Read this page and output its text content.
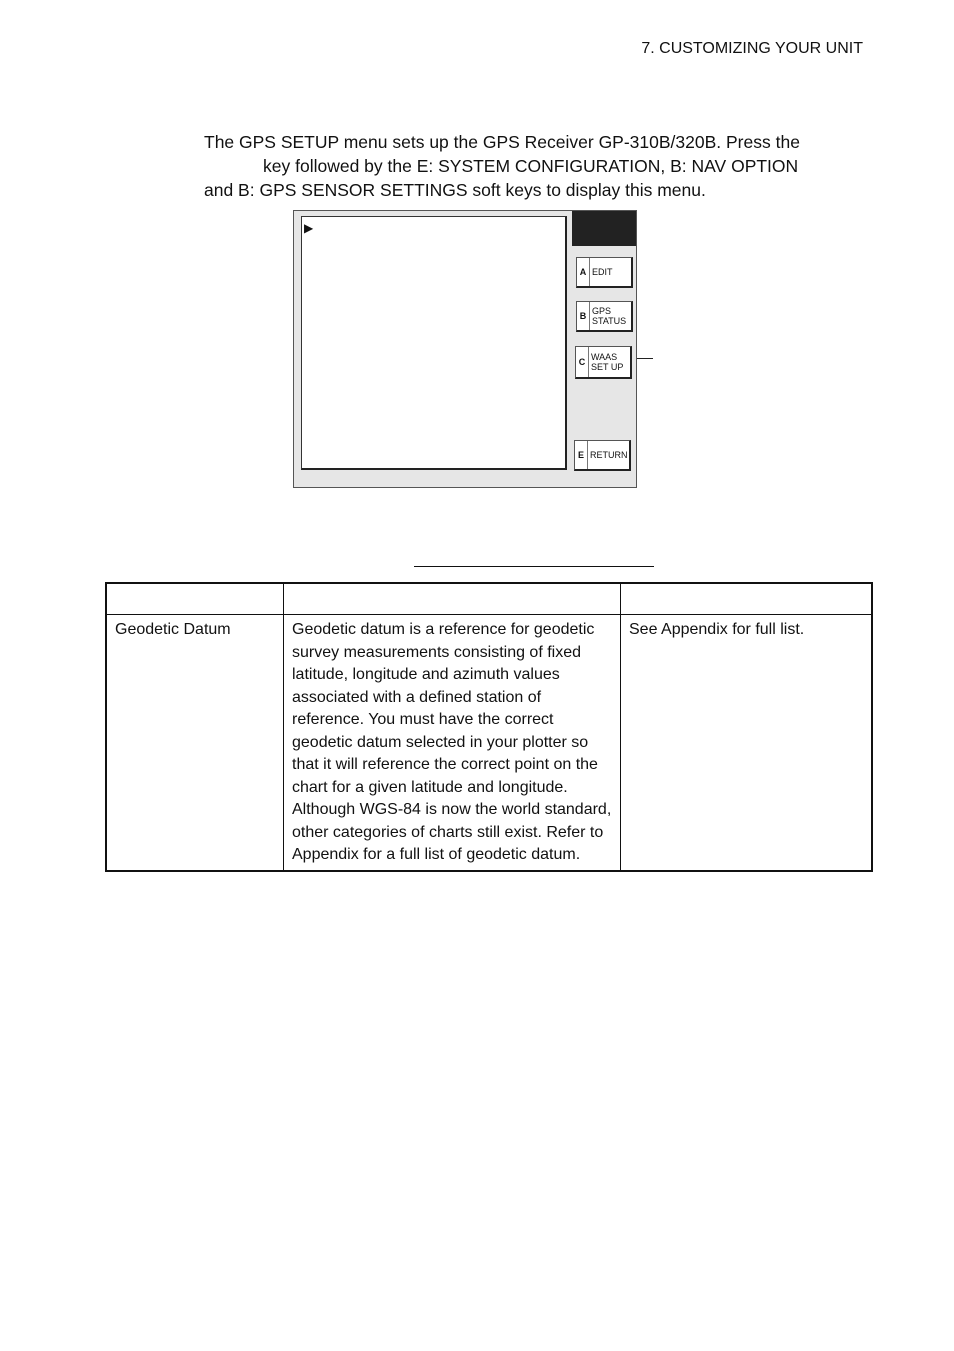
7. CUSTOMIZING YOUR UNIT
The GPS SETUP menu sets up the GPS Receiver GP-310B/320B. Press the
key followed by the E: SYSTEM CONFIGURATION, B: NAV OPTION
and B: GPS SENSOR SETTINGS soft keys to display this menu.
▶
A EDIT
B GPS
STATUS
C WAAS
SET UP
E RETURN

Geodetic Datum	Geodetic datum is a reference for geodetic survey measurements consisting of fixed latitude, longitude and azimuth values associated with a defined station of reference. You must have the correct geodetic datum selected in your plotter so that it will reference the correct point on the chart for a given latitude and longitude. Although WGS-84 is now the world standard, other categories of charts still exist. Refer to Appendix for a full list of geodetic datum.	See Appendix for full list.
